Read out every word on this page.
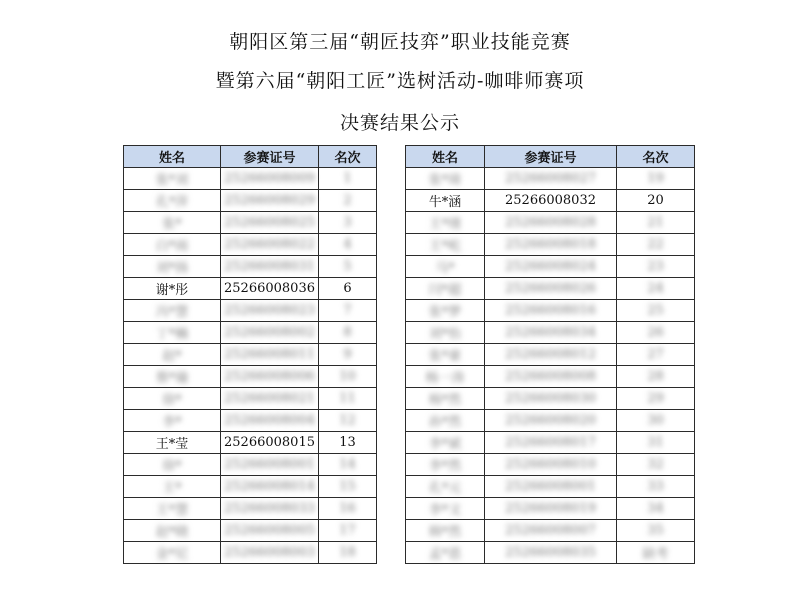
朝阳区第三届“朝匠技弈”职业技能竞赛
暨第六届“朝阳工匠”选树活动-咖啡师赛项
决赛结果公示
姓名	参赛证号	名次
张*刘	25266008009	1
孔*萍	25266008029	2
张*	25266008025	3
白*雨	25266008022	4
刘*扬	25266008031	5
谢*彤	25266008036	6
冯*慧	25266008023	7
丁*楠	25266008002	8
赵*	25266008011	9
蔡*瑜	25266008006	10
徐*	25266008021	11
李*	25266008004	12
王*莹	25266008015	13
徐*	25266008001	14
王*	25266008014	15
王*慧	25266008033	16
赵*晓	25266008005	17
金*尼	25266008003	18
姓名	参赛证号	名次
张*琦	25266008027	19
牛*涵	25266008032	20
王*绪	25266008028	21
王*屹	25266008018	22
马*	25266008024	23
闫*超	25266008026	24
张*梦	25266008016	25
刘*怡	25266008034	26
张*豪	25266008012	27
杨一涛	25266008008	28
杨*然	25266008030	29
孙*然	25266008020	30
李*斌	25266008017	31
李*然	25266008010	32
孔*元	25266008001	33
李*文	25266008019	34
韩*然	25266008007	35
孟*恩	25266008035	缺考
